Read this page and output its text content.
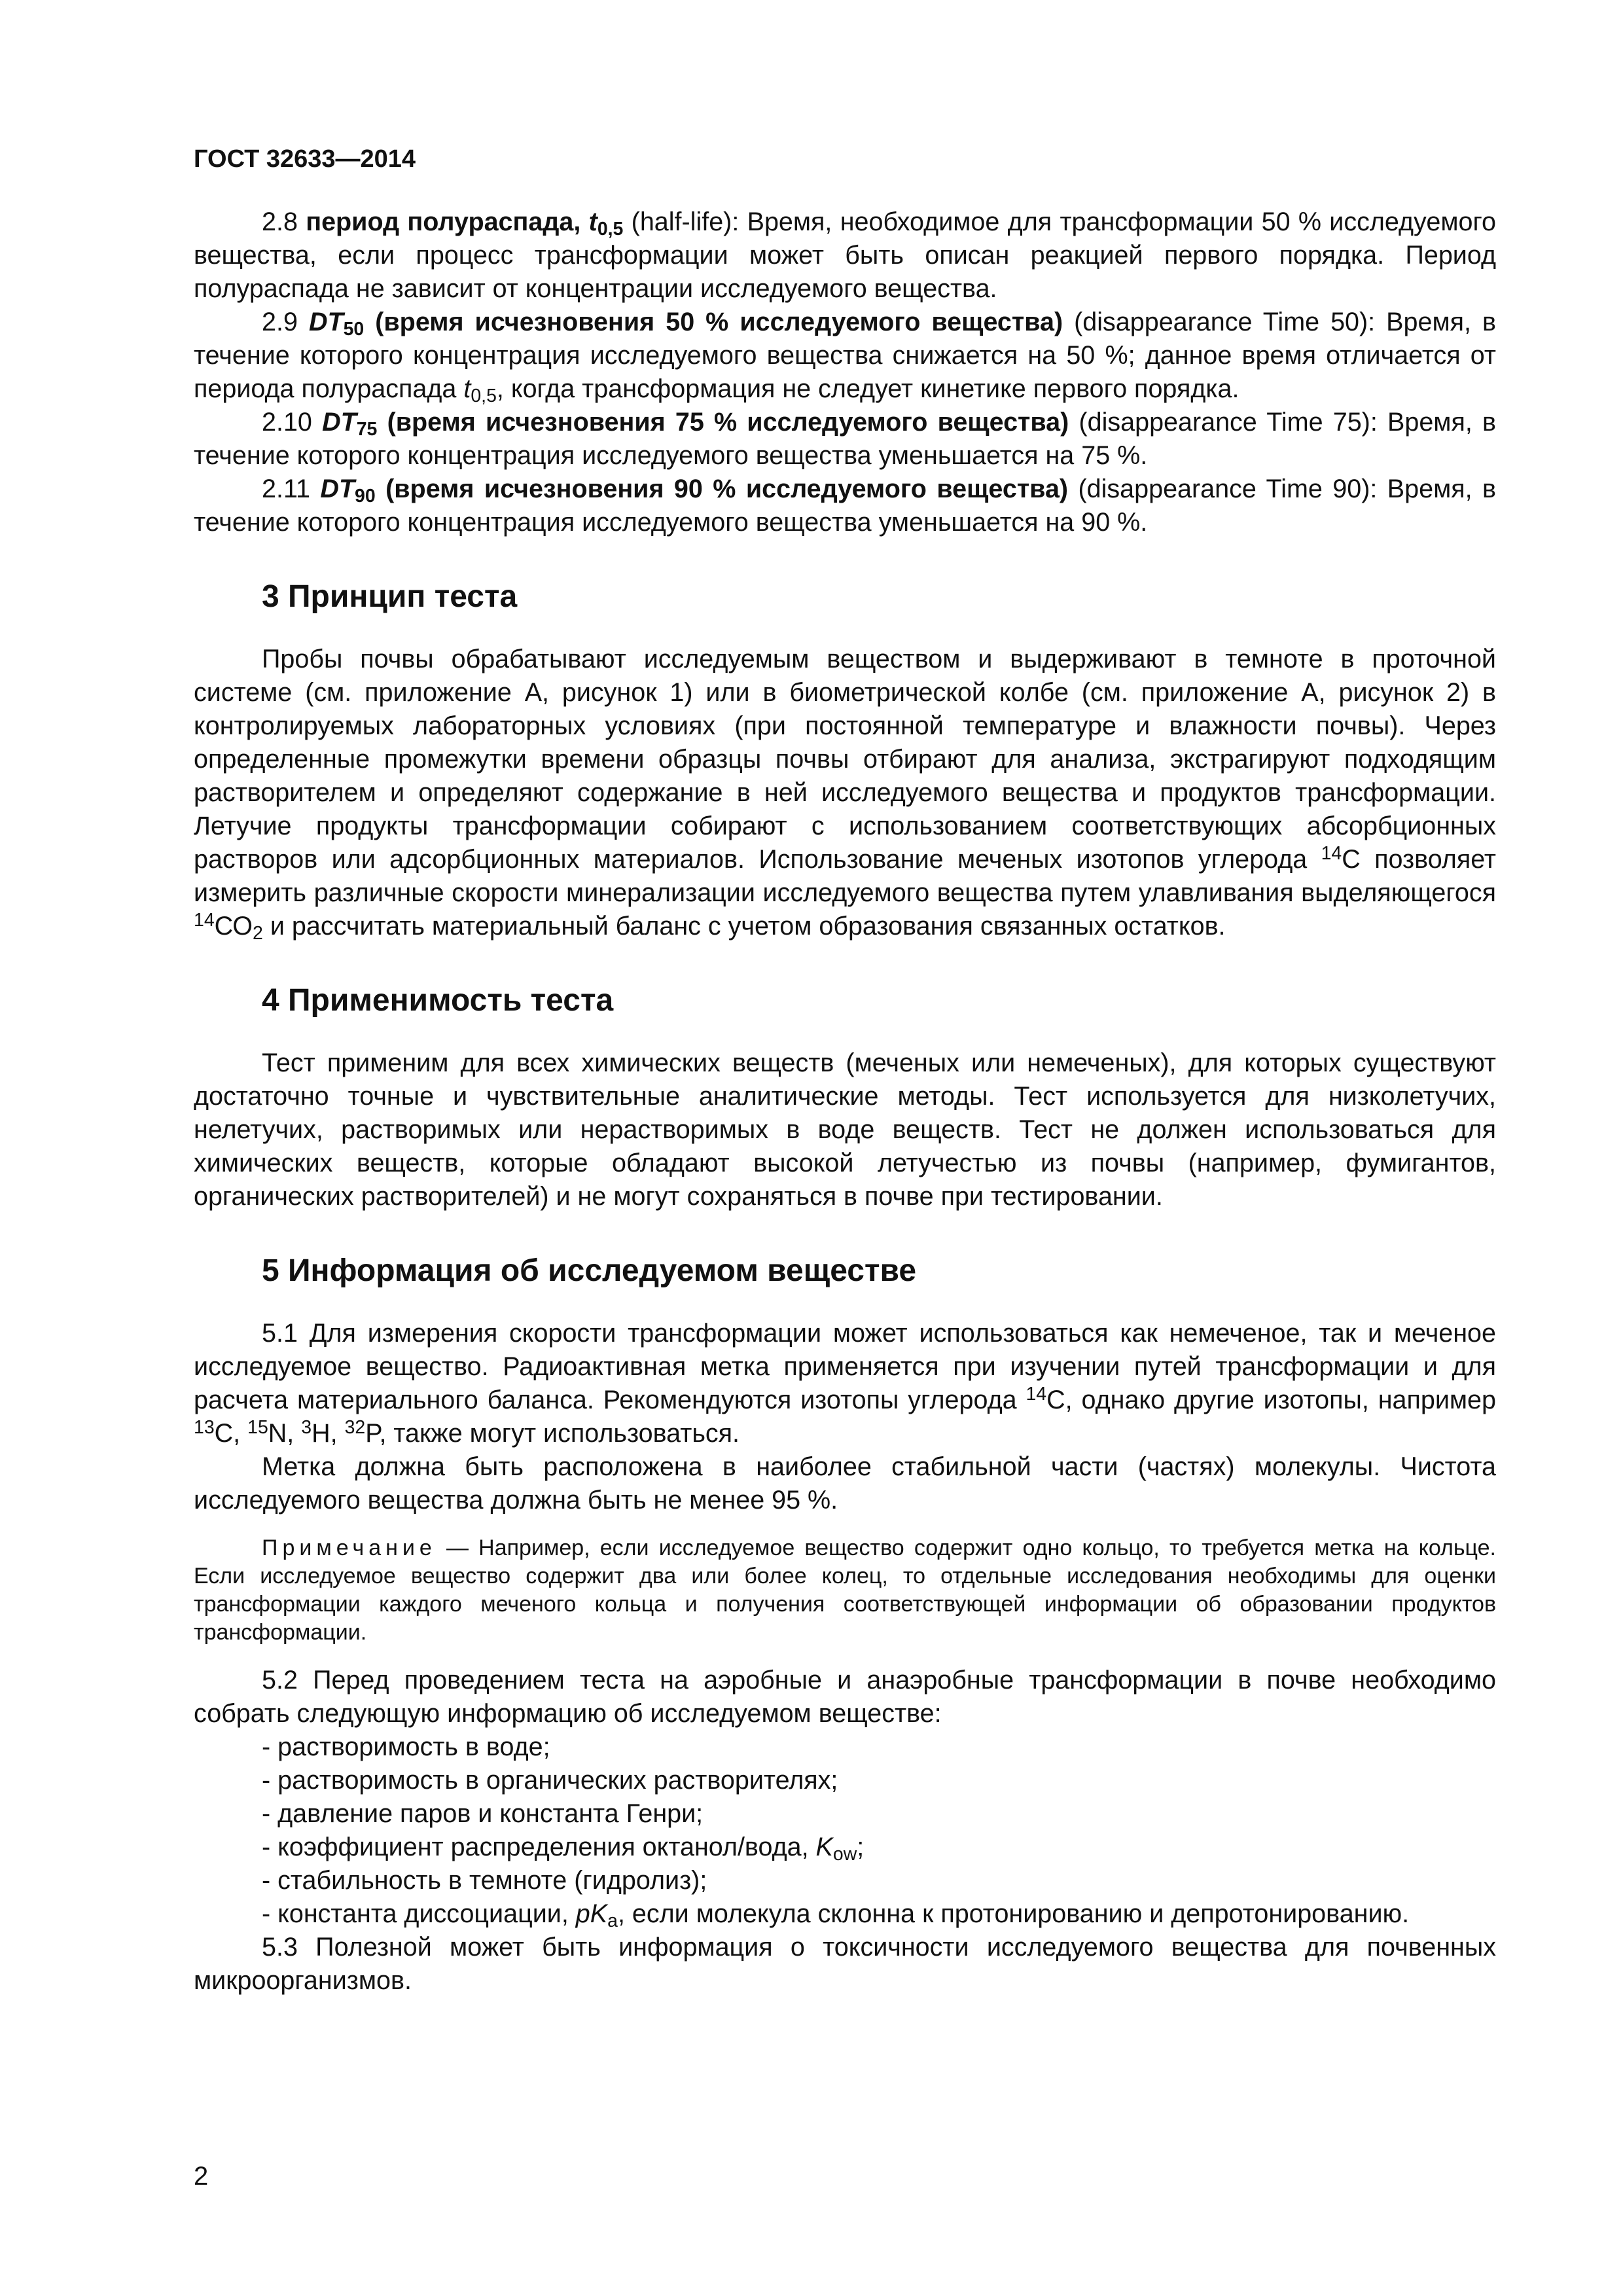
ГОСТ 32633—2014

2.8 период полураспада, $t_{0,5}$ (half-life): Время, необходимое для трансформации 50 % исследуемого вещества, если процесс трансформации может быть описан реакцией первого порядка. Период полураспада не зависит от концентрации исследуемого вещества.

2.9 $DT_{50}$ (время исчезновения 50 % исследуемого вещества) (disappearance Time 50): Время, в течение которого концентрация исследуемого вещества снижается на 50 %; данное время отличается от периода полураспада $t_{0,5}$, когда трансформация не следует кинетике первого порядка.

2.10 $DT_{75}$ (время исчезновения 75 % исследуемого вещества) (disappearance Time 75): Время, в течение которого концентрация исследуемого вещества уменьшается на 75 %.

2.11 $DT_{90}$ (время исчезновения 90 % исследуемого вещества) (disappearance Time 90): Время, в течение которого концентрация исследуемого вещества уменьшается на 90 %.

3 Принцип теста

Пробы почвы обрабатывают исследуемым веществом и выдерживают в темноте в проточной системе (см. приложение А, рисунок 1) или в биометрической колбе (см. приложение А, рисунок 2) в контролируемых лабораторных условиях (при постоянной температуре и влажности почвы). Через определенные промежутки времени образцы почвы отбирают для анализа, экстрагируют подходящим растворителем и определяют содержание в ней исследуемого вещества и продуктов трансформации. Летучие продукты трансформации собирают с использованием соответствующих абсорбционных растворов или адсорбционных материалов. Использование меченых изотопов углерода $^{14}$С позволяет измерить различные скорости минерализации исследуемого вещества путем улавливания выделяющегося $^{14}СО_2$ и рассчитать материальный баланс с учетом образования связанных остатков.

4 Применимость теста

Тест применим для всех химических веществ (меченых или немеченых), для которых существуют достаточно точные и чувствительные аналитические методы. Тест используется для низколетучих, нелетучих, растворимых или нерастворимых в воде веществ. Тест не должен использоваться для химических веществ, которые обладают высокой летучестью из почвы (например, фумигантов, органических растворителей) и не могут сохраняться в почве при тестировании.

5 Информация об исследуемом веществе

5.1 Для измерения скорости трансформации может использоваться как немеченое, так и меченое исследуемое вещество. Радиоактивная метка применяется при изучении путей трансформации и для расчета материального баланса. Рекомендуются изотопы углерода $^{14}$С, однако другие изотопы, например $^{13}$С, $^{15}$N, $^3$H, $^{32}$P, также могут использоваться.

Метка должна быть расположена в наиболее стабильной части (частях) молекулы. Чистота исследуемого вещества должна быть не менее 95 %.

Примечание — Например, если исследуемое вещество содержит одно кольцо, то требуется метка на кольце. Если исследуемое вещество содержит два или более колец, то отдельные исследования необходимы для оценки трансформации каждого меченого кольца и получения соответствующей информации об образовании продуктов трансформации.

5.2 Перед проведением теста на аэробные и анаэробные трансформации в почве необходимо собрать следующую информацию об исследуемом веществе:

- растворимость в воде;
- растворимость в органических растворителях;
- давление паров и константа Генри;
- коэффициент распределения октанол/вода, $K_{ow}$;
- стабильность в темноте (гидролиз);
- константа диссоциации, $pK_a$, если молекула склонна к протонированию и депротонированию.

5.3 Полезной может быть информация о токсичности исследуемого вещества для почвенных микроорганизмов.

2
